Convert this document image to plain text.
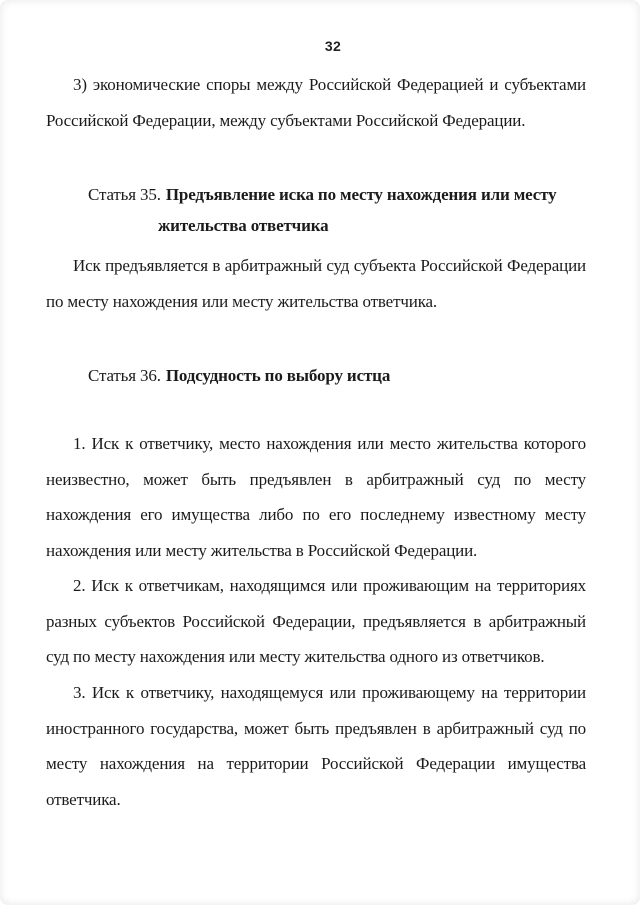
32

3) экономические споры между Российской Федерацией и субъектами Российской Федерации, между субъектами Российской Федерации.

Статья 35. Предъявление иска по месту нахождения или месту жительства ответчика

Иск предъявляется в арбитражный суд субъекта Российской Федерации по месту нахождения или месту жительства ответчика.

Статья 36. Подсудность по выбору истца

1. Иск к ответчику, место нахождения или место жительства которого неизвестно, может быть предъявлен в арбитражный суд по месту нахождения его имущества либо по его последнему известному месту нахождения или месту жительства в Российской Федерации.

2. Иск к ответчикам, находящимся или проживающим на территориях разных субъектов Российской Федерации, предъявляется в арбитражный суд по месту нахождения или месту жительства одного из ответчиков.

3. Иск к ответчику, находящемуся или проживающему на территории иностранного государства, может быть предъявлен в арбитражный суд по месту нахождения на территории Российской Федерации имущества ответчика.
